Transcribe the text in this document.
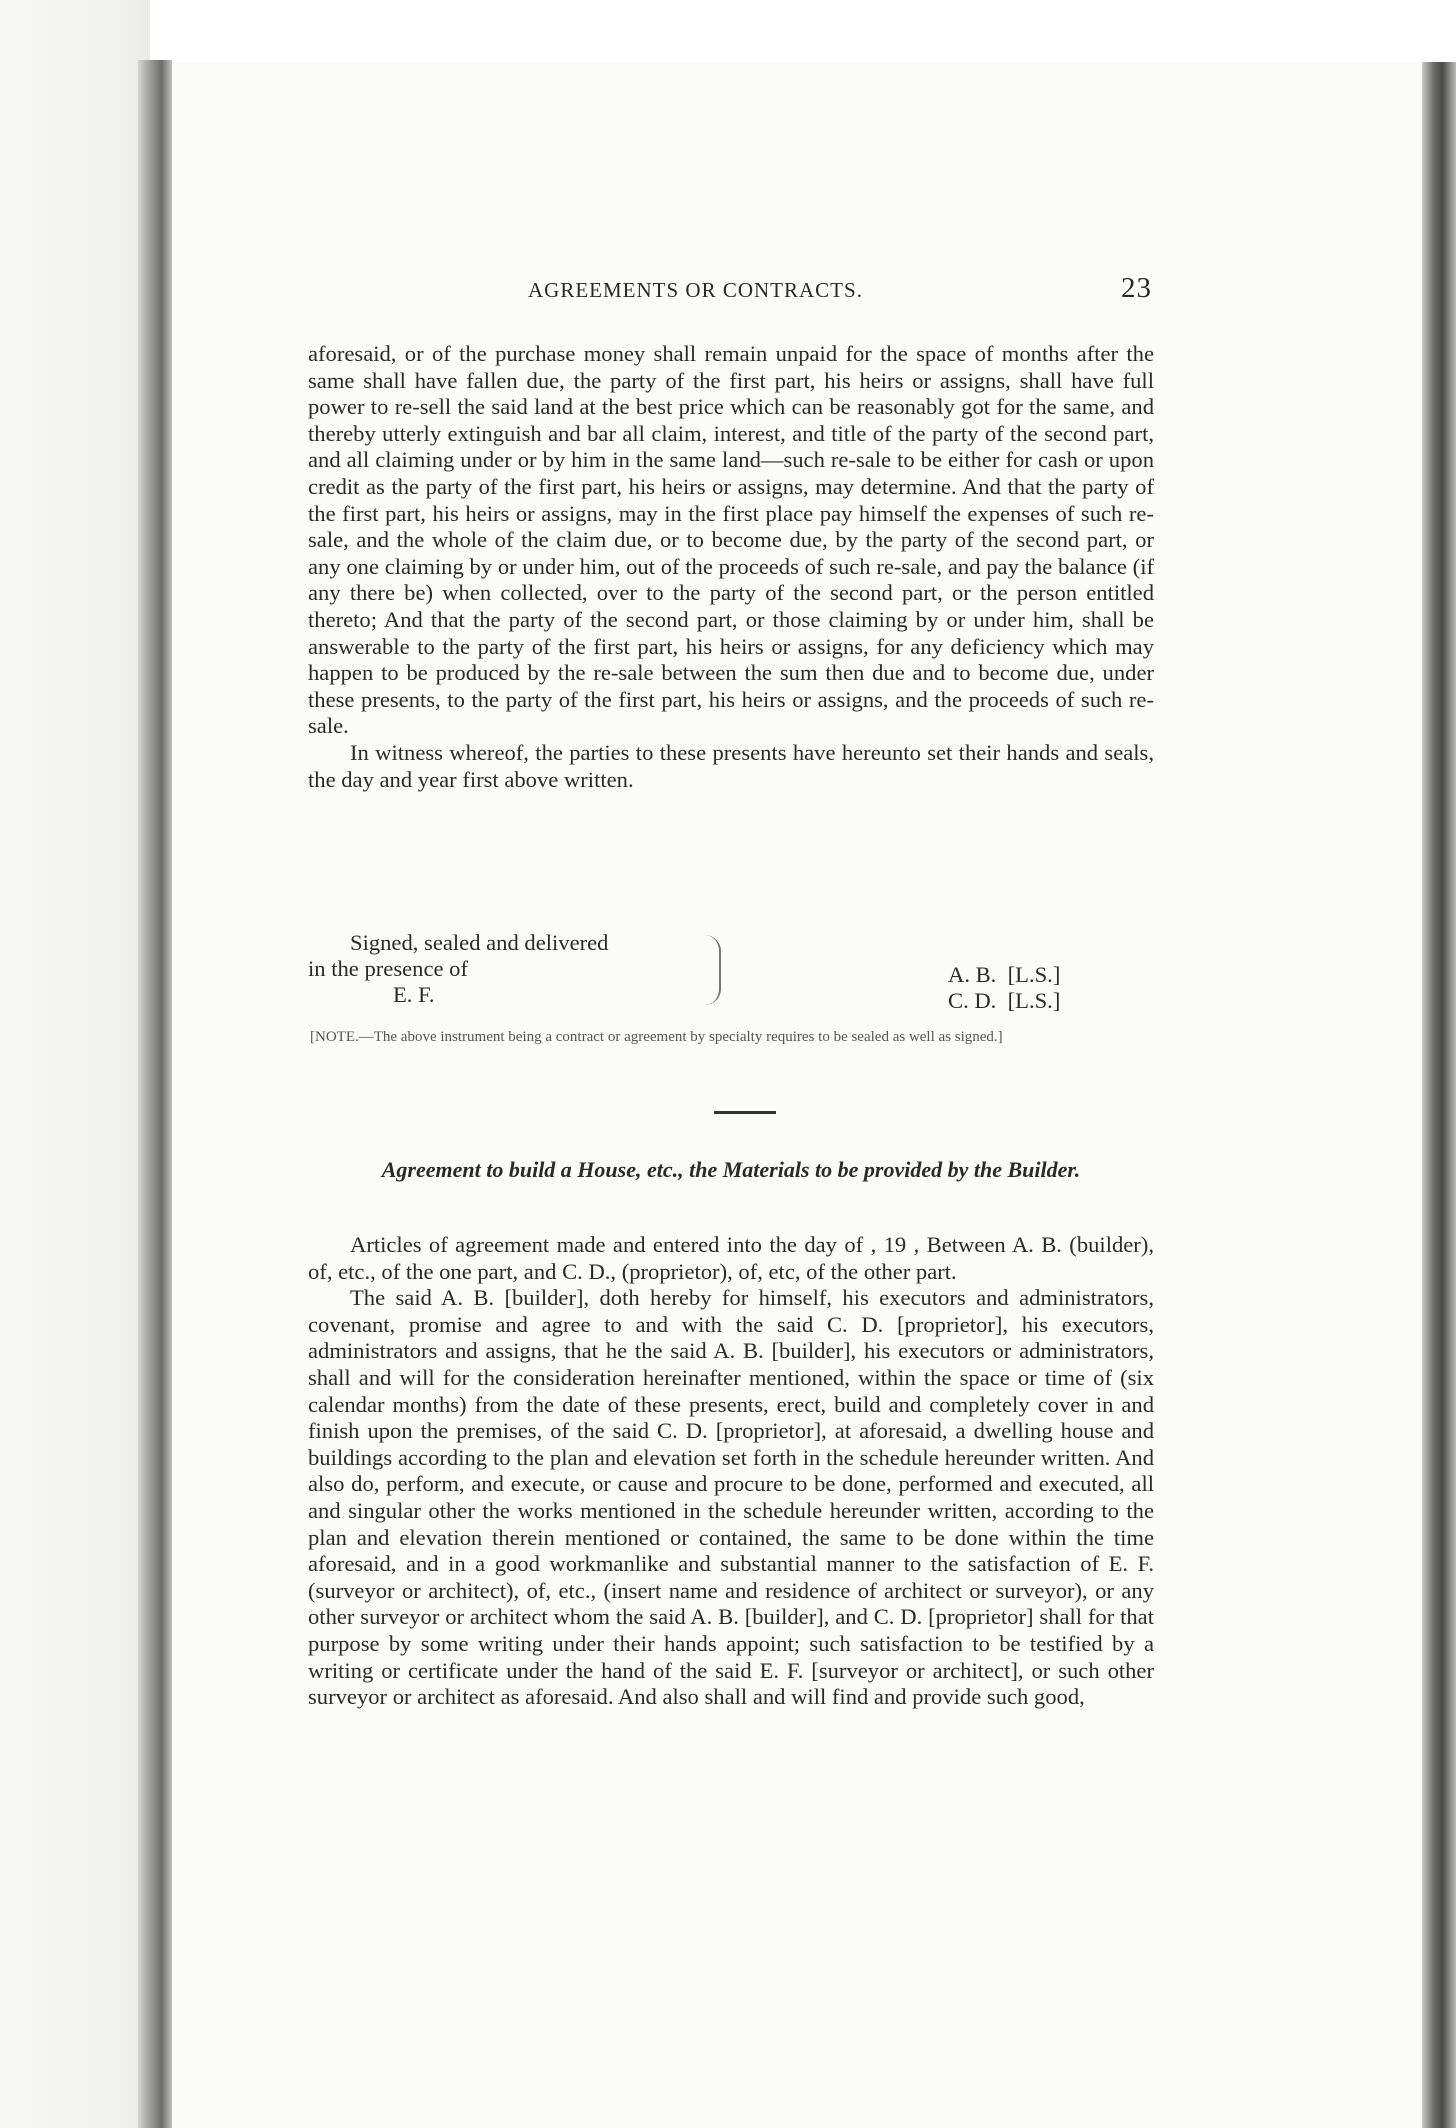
AGREEMENTS OR CONTRACTS.	23

aforesaid, or of the purchase money shall remain unpaid for the space of months after the same shall have fallen due, the party of the first part, his heirs or assigns, shall have full power to re-sell the said land at the best price which can be reasonably got for the same, and thereby utterly extinguish and bar all claim, interest, and title of the party of the second part, and all claiming under or by him in the same land—such re-sale to be either for cash or upon credit as the party of the first part, his heirs or assigns, may determine. And that the party of the first part, his heirs or assigns, may in the first place pay himself the expenses of such re-sale, and the whole of the claim due, or to become due, by the party of the second part, or any one claiming by or under him, out of the proceeds of such re-sale, and pay the balance (if any there be) when collected, over to the party of the second part, or the person entitled thereto; And that the party of the second part, or those claiming by or under him, shall be answerable to the party of the first part, his heirs or assigns, for any deficiency which may happen to be produced by the re-sale between the sum then due and to become due, under these presents, to the party of the first part, his heirs or assigns, and the proceeds of such re-sale.

In witness whereof, the parties to these presents have hereunto set their hands and seals, the day and year first above written.

Signed, sealed and delivered
in the presence of
E. F.
A. B. [L.S.]
C. D. [L.S.]
[NOTE.—The above instrument being a contract or agreement by specialty requires to be sealed as well as signed.]
Agreement to build a House, etc., the Materials to be provided by the Builder.

Articles of agreement made and entered into the day of , 19 , Between A. B. (builder), of, etc., of the one part, and C. D., (proprietor), of, etc, of the other part.

The said A. B. [builder], doth hereby for himself, his executors and administrators, covenant, promise and agree to and with the said C. D. [proprietor], his executors, administrators and assigns, that he the said A. B. [builder], his executors or administrators, shall and will for the consideration hereinafter mentioned, within the space or time of (six calendar months) from the date of these presents, erect, build and completely cover in and finish upon the premises, of the said C. D. [proprietor], at aforesaid, a dwelling house and buildings according to the plan and elevation set forth in the schedule hereunder written. And also do, perform, and execute, or cause and procure to be done, performed and executed, all and singular other the works mentioned in the schedule hereunder written, according to the plan and elevation therein mentioned or contained, the same to be done within the time aforesaid, and in a good workmanlike and substantial manner to the satisfaction of E. F. (surveyor or architect), of, etc., (insert name and residence of architect or surveyor), or any other surveyor or architect whom the said A. B. [builder], and C. D. [proprietor] shall for that purpose by some writing under their hands appoint; such satisfaction to be testified by a writing or certificate under the hand of the said E. F. [surveyor or architect], or such other surveyor or architect as aforesaid. And also shall and will find and provide such good,
